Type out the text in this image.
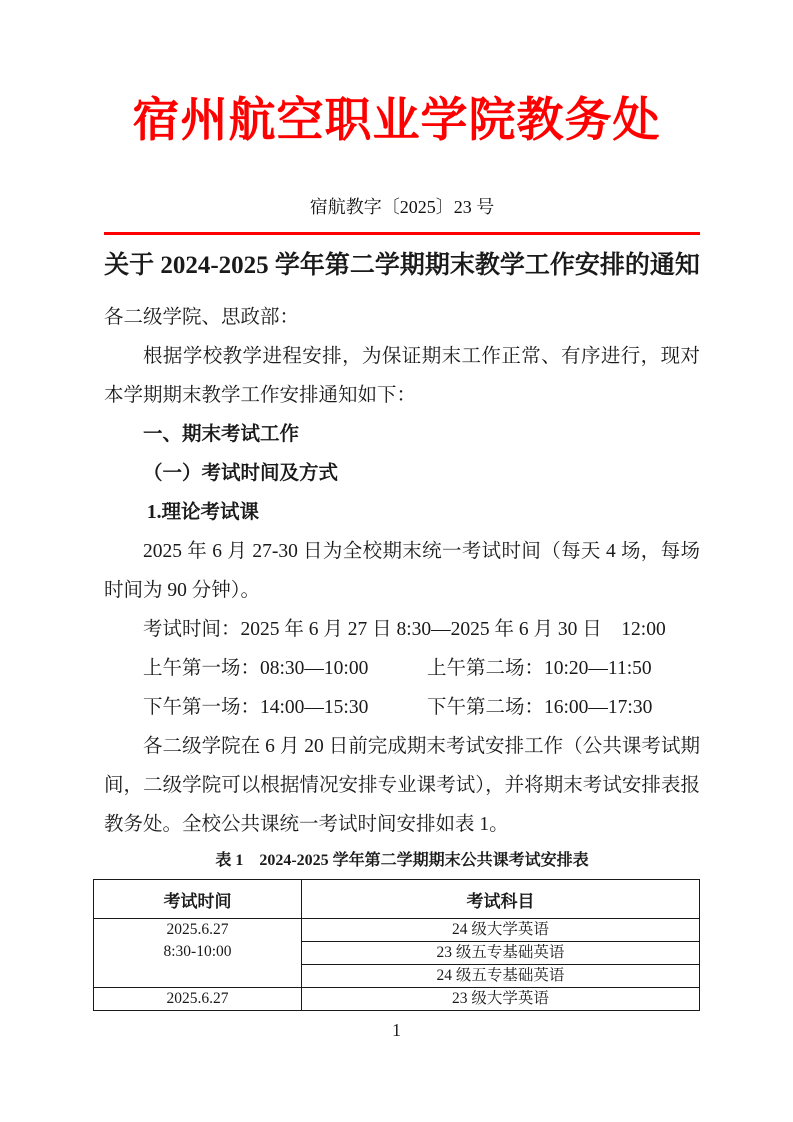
宿州航空职业学院教务处
宿航教字〔2025〕23 号
关于 2024-2025 学年第二学期期末教学工作安排的通知

各二级学院、思政部：

根据学校教学进程安排，为保证期末工作正常、有序进行，现对本学期期末教学工作安排通知如下：

一、期末考试工作

（一）考试时间及方式

1.理论考试课

2025 年 6 月 27-30 日为全校期末统一考试时间（每天 4 场，每场时间为 90 分钟）。

考试时间：2025 年 6 月 27 日 8:30—2025 年 6 月 30 日　12:00

上午第一场：08:30—10:00	上午第二场：10:20—11:50

下午第一场：14:00—15:30	下午第二场：16:00—17:30

各二级学院在 6 月 20 日前完成期末考试安排工作（公共课考试期间，二级学院可以根据情况安排专业课考试），并将期末考试安排表报教务处。全校公共课统一考试时间安排如表 1。

表 1　2024-2025 学年第二学期期末公共课考试安排表
考试时间	考试科目

2025.6.27
8:30-10:00	24 级大学英语
	23 级五专基础英语
	24 级五专基础英语
2025.6.27	23 级大学英语
1
